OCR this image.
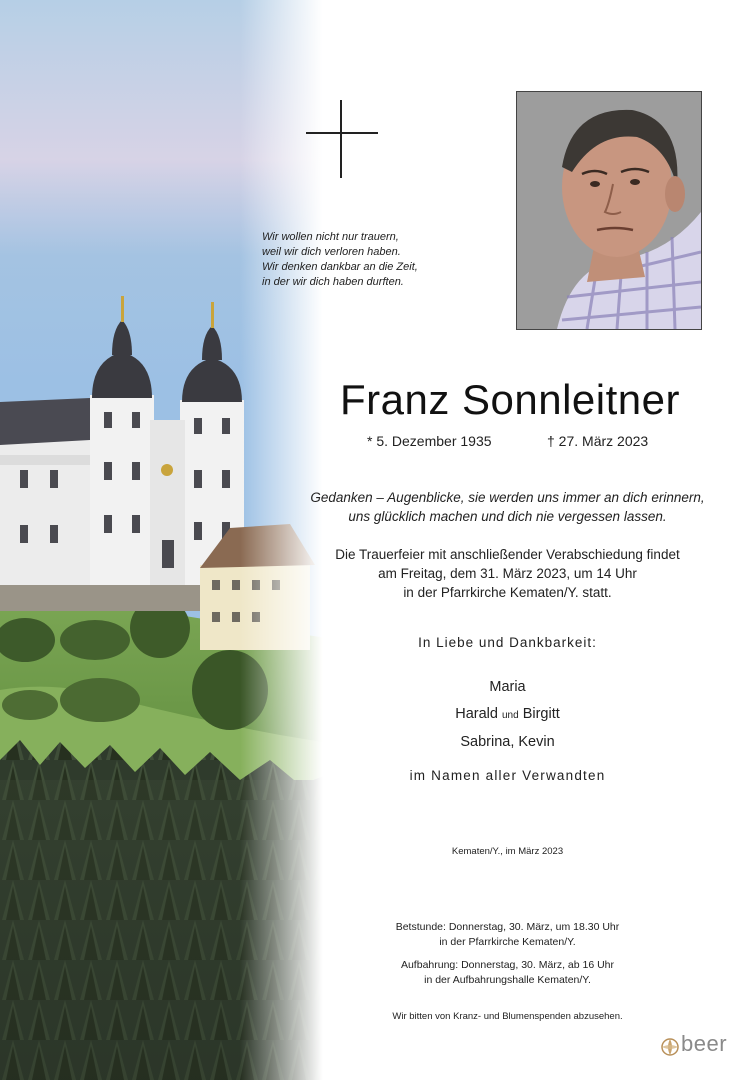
Wir wollen nicht nur trauern,
weil wir dich verloren haben.
Wir denken dankbar an die Zeit,
in der wir dich haben durften.
Franz Sonnleitner
* 5. Dezember 1935	† 27. März 2023
Gedanken – Augenblicke, sie werden uns immer an dich erinnern,
uns glücklich machen und dich nie vergessen lassen.
Die Trauerfeier mit anschließender Verabschiedung findet
am Freitag, dem 31. März 2023, um 14 Uhr
in der Pfarrkirche Kematen/Y. statt.
In Liebe und Dankbarkeit:
Maria
Harald und Birgitt
Sabrina, Kevin
im Namen aller Verwandten
Kematen/Y., im März 2023
Betstunde: Donnerstag, 30. März, um 18.30 Uhr
in der Pfarrkirche Kematen/Y.
Aufbahrung: Donnerstag, 30. März, ab 16 Uhr
in der Aufbahrungshalle Kematen/Y.
Wir bitten von Kranz- und Blumenspenden abzusehen.
beer
